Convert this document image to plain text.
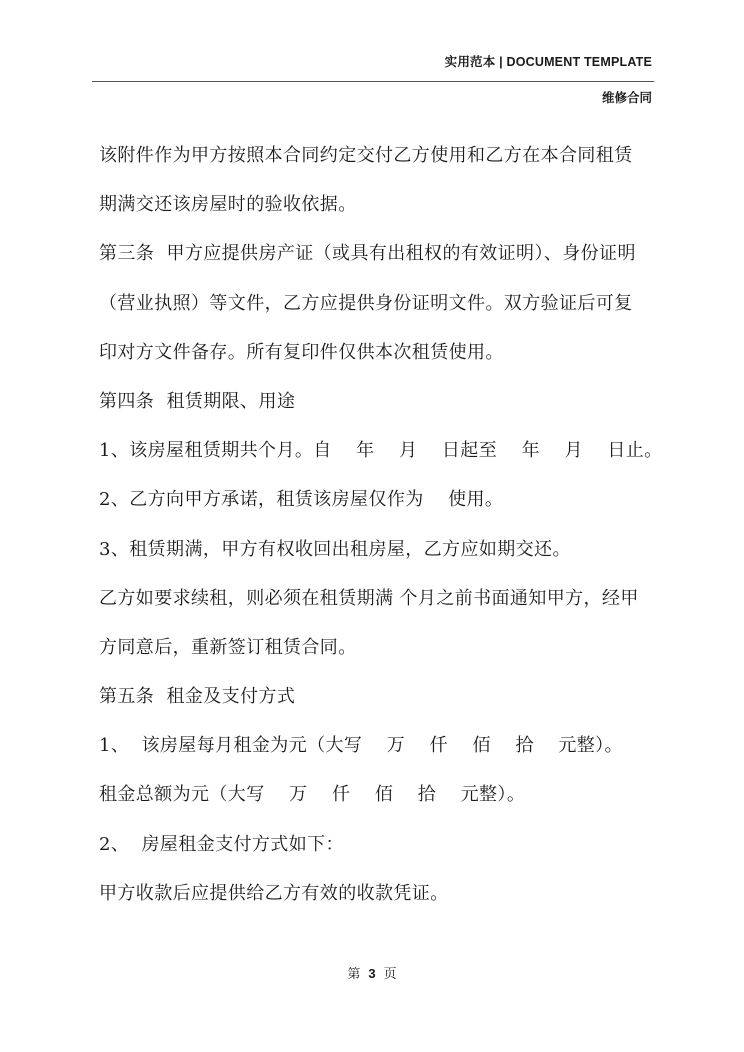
实用范本 | DOCUMENT TEMPLATE
维修合同
该附件作为甲方按照本合同约定交付乙方使用和乙方在本合同租赁
期满交还该房屋时的验收依据。
第三条  甲方应提供房产证（或具有出租权的有效证明）、身份证明
（营业执照）等文件，乙方应提供身份证明文件。双方验证后可复
印对方文件备存。所有复印件仅供本次租赁使用。
第四条  租赁期限、用途
1、该房屋租赁期共个月。自    年    月    日起至    年    月    日止。
2、乙方向甲方承诺，租赁该房屋仅作为    使用。
3、租赁期满，甲方有权收回出租房屋，乙方应如期交还。
乙方如要求续租，则必须在租赁期满 个月之前书面通知甲方，经甲
方同意后，重新签订租赁合同。
第五条  租金及支付方式
1、  该房屋每月租金为元（大写    万    仟    佰    拾    元整）。
租金总额为元（大写    万    仟    佰    拾    元整）。
2、  房屋租金支付方式如下：
甲方收款后应提供给乙方有效的收款凭证。
第 3 页
